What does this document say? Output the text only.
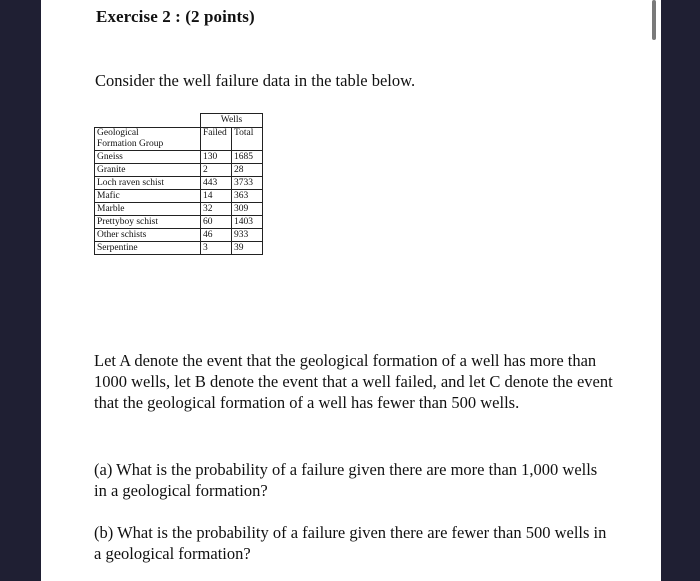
Exercise 2 : (2 points)

Consider the well failure data in the table below.

	Wells	
Geological
Formation Group	Failed	Total
Gneiss	130	1685
Granite	2	28
Loch raven schist	443	3733
Mafic	14	363
Marble	32	309
Prettyboy schist	60	1403
Other schists	46	933
Serpentine	3	39

Let A denote the event that the geological formation of a well has more than 1000 wells, let B denote the event that a well failed, and let C denote the event that the geological formation of a well has fewer than 500 wells.

(a) What is the probability of a failure given there are more than 1,000 wells in a geological formation?

(b) What is the probability of a failure given there are fewer than 500 wells in a geological formation?
